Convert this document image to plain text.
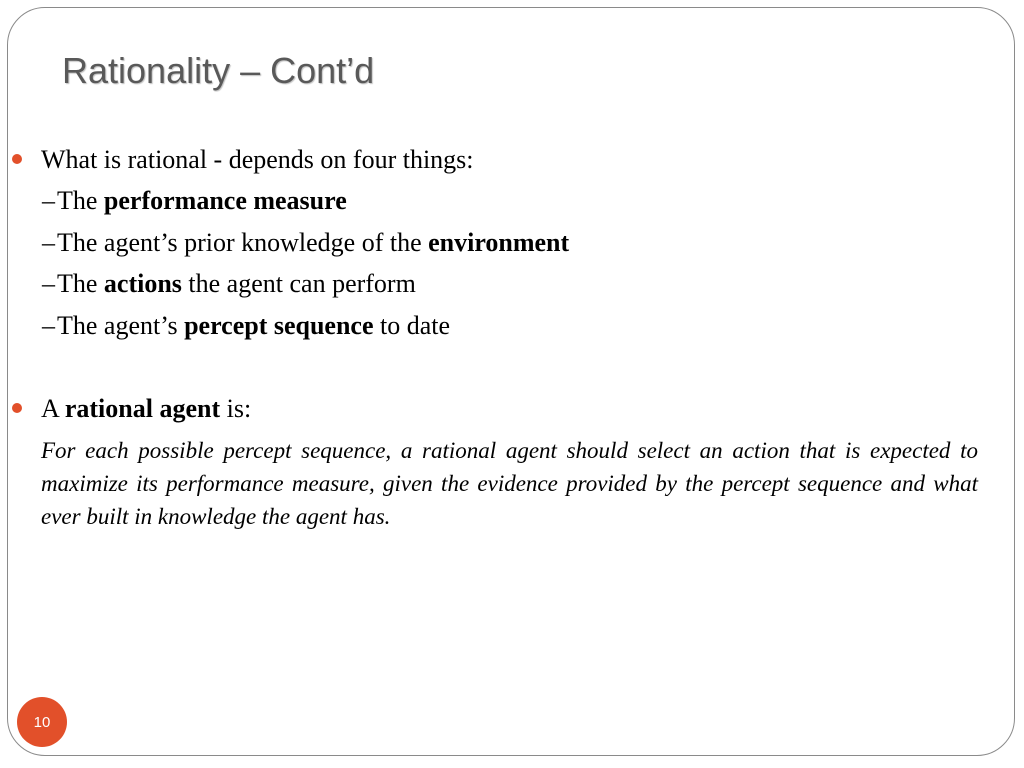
Rationality – Cont’d
What is rational - depends on four things:
–The performance measure
–The agent’s prior knowledge of the environment
–The actions the agent can perform
–The agent’s percept sequence to date
A rational agent is:

For each possible percept sequence, a rational agent should select an action that is expected to maximize its performance measure, given the evidence provided by the percept sequence and what ever built in knowledge the agent has.

10
